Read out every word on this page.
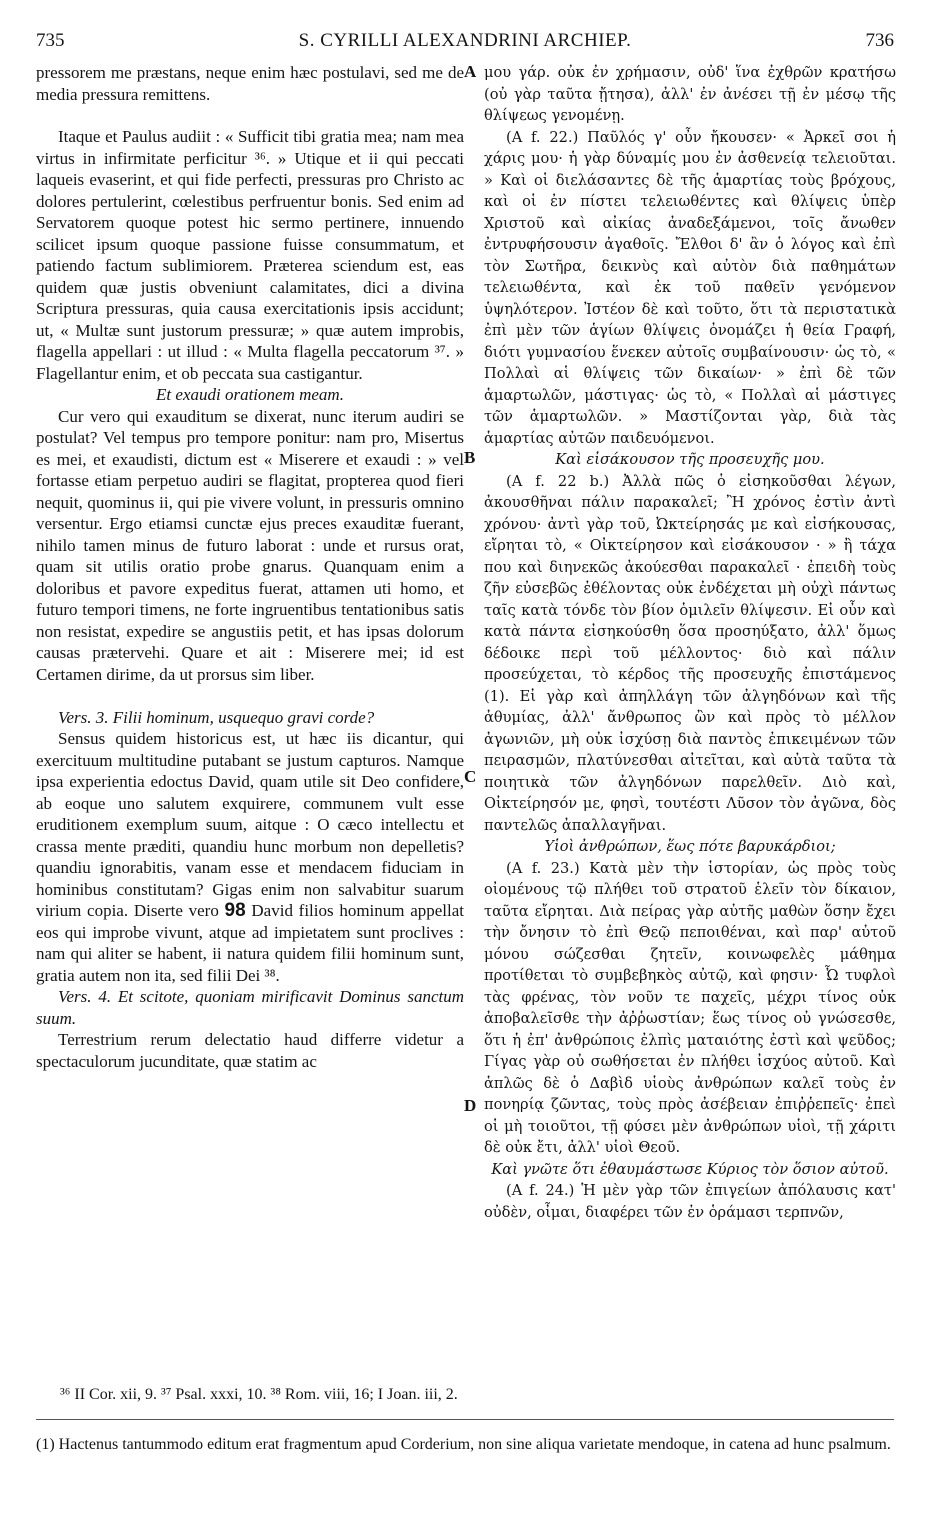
735	S. CYRILLI ALEXANDRINI ARCHIEP.	736

pressorem me præstans, neque enim hæc postulavi, sed me de media pressura remittens.

Itaque et Paulus audiit : « Sufficit tibi gratia mea; nam mea virtus in infirmitate perficitur ³⁶. » Utique et ii qui peccati laqueis evaserint, et qui fide perfecti, pressuras pro Christo ac dolores pertulerint, cœlestibus perfruentur bonis. Sed enim ad Servatorem quoque potest hic sermo pertinere, innuendo scilicet ipsum quoque passione fuisse consummatum, et patiendo factum sublimiorem. Præterea sciendum est, eas quidem quæ justis obveniunt calamitates, dici a divina Scriptura pressuras, quia causa exercitationis ipsis accidunt; ut, « Multæ sunt justorum pressuræ; » quæ autem improbis, flagella appellari : ut illud : « Multa flagella peccatorum ³⁷. » Flagellantur enim, et ob peccata sua castigantur.

Et exaudi orationem meam.

Cur vero qui exauditum se dixerat, nunc iterum audiri se postulat? Vel tempus pro tempore ponitur: nam pro, Misertus es mei, et exaudisti, dictum est « Miserere et exaudi : » vel fortasse etiam perpetuo audiri se flagitat, propterea quod fieri nequit, quominus ii, qui pie vivere volunt, in pressuris omnino versentur. Ergo etiamsi cunctæ ejus preces exauditæ fuerant, nihilo tamen minus de futuro laborat : unde et rursus orat, quam sit utilis oratio probe gnarus. Quanquam enim a doloribus et pavore expeditus fuerat, attamen uti homo, et futuro tempori timens, ne forte ingruentibus tentationibus satis non resistat, expedire se angustiis petit, et has ipsas dolorum causas prætervehi. Quare et ait : Miserere mei; id est Certamen dirime, da ut prorsus sim liber.

Vers. 3. Filii hominum, usquequo gravi corde?

Sensus quidem historicus est, ut hæc iis dicantur, qui exercituum multitudine putabant se justum capturos. Namque ipsa experientia edoctus David, quam utile sit Deo confidere, ab eoque uno salutem exquirere, communem vult esse eruditionem exemplum suum, aitque : O cæco intellectu et crassa mente præditi, quandiu hunc morbum non depelletis? quandiu ignorabitis, vanam esse et mendacem fiduciam in hominibus constitutam? Gigas enim non salvabitur suarum virium copia. Diserte vero 98 David filios hominum appellat eos qui improbe vivunt, atque ad impietatem sunt proclives : nam qui aliter se habent, ii natura quidem filii hominum sunt, gratia autem non ita, sed filii Dei ³⁸.

Vers. 4. Et scitote, quoniam mirificavit Dominus sanctum suum.

Terrestrium rerum delectatio haud differre videtur a spectaculorum jucunditate, quæ statim ac

A
B
C
D

μου γάρ. οὐκ ἐν χρήμασιν, οὐδ' ἵνα ἐχθρῶν κρατήσω (οὐ γὰρ ταῦτα ᾔτησα), ἀλλ' ἐν ἀνέσει τῇ ἐν μέσῳ τῆς θλίψεως γενομένῃ.

(A f. 22.) Παῦλός γ' οὖν ἤκουσεν· « Ἀρκεῖ σοι ἡ χάρις μου· ἡ γὰρ δύναμίς μου ἐν ἀσθενείᾳ τελειοῦται. » Καὶ οἱ διελάσαντες δὲ τῆς ἁμαρτίας τοὺς βρόχους, καὶ οἱ ἐν πίστει τελειωθέντες καὶ θλίψεις ὑπὲρ Χριστοῦ καὶ αἰκίας ἀναδεξάμενοι, τοῖς ἄνωθεν ἐντρυφήσουσιν ἀγαθοῖς. Ἔλθοι δ' ἂν ὁ λόγος καὶ ἐπὶ τὸν Σωτῆρα, δεικνὺς καὶ αὐτὸν διὰ παθημάτων τελειωθέντα, καὶ ἐκ τοῦ παθεῖν γενόμενον ὑψηλότερον. Ἰστέον δὲ καὶ τοῦτο, ὅτι τὰ περιστατικὰ ἐπὶ μὲν τῶν ἁγίων θλίψεις ὀνομάζει ἡ θεία Γραφή, διότι γυμνασίου ἕνεκεν αὐτοῖς συμβαίνουσιν· ὡς τὸ, « Πολλαὶ αἱ θλίψεις τῶν δικαίων· » ἐπὶ δὲ τῶν ἁμαρτωλῶν, μάστιγας· ὡς τὸ, « Πολλαὶ αἱ μάστιγες τῶν ἁμαρτωλῶν. » Μαστίζονται γὰρ, διὰ τὰς ἁμαρτίας αὐτῶν παιδευόμενοι.

Καὶ εἰσάκουσον τῆς προσευχῆς μου.

(A f. 22 b.) Ἀλλὰ πῶς ὁ εἰσηκοῦσθαι λέγων, ἀκουσθῆναι πάλιν παρακαλεῖ; Ἢ χρόνος ἐστὶν ἀντὶ χρόνου· ἀντὶ γὰρ τοῦ, Ὠκτείρησάς με καὶ εἰσήκουσας, εἴρηται τὸ, « Οἰκτείρησον καὶ εἰσάκουσον · » ἢ τάχα που καὶ διηνεκῶς ἀκούεσθαι παρακαλεῖ · ἐπειδὴ τοὺς ζῆν εὐσεβῶς ἐθέλοντας οὐκ ἐνδέχεται μὴ οὐχὶ πάντως ταῖς κατὰ τόνδε τὸν βίον ὁμιλεῖν θλίψεσιν. Εἰ οὖν καὶ κατὰ πάντα εἰσηκούσθη ὅσα προσηύξατο, ἀλλ' ὅμως δέδοικε περὶ τοῦ μέλλοντος· διὸ καὶ πάλιν προσεύχεται, τὸ κέρδος τῆς προσευχῆς ἐπιστάμενος (1). Εἰ γὰρ καὶ ἀπηλλάγη τῶν ἀλγηδόνων καὶ τῆς ἀθυμίας, ἀλλ' ἄνθρωπος ὢν καὶ πρὸς τὸ μέλλον ἀγωνιῶν, μὴ οὐκ ἰσχύσῃ διὰ παντὸς ἐπικειμένων τῶν πειρασμῶν, πλατύνεσθαι αἰτεῖται, καὶ αὐτὰ ταῦτα τὰ ποιητικὰ τῶν ἀλγηδόνων παρελθεῖν. Διὸ καὶ, Οἰκτείρησόν με, φησὶ, τουτέστι Λῦσον τὸν ἀγῶνα, δὸς παντελῶς ἀπαλλαγῆναι.

Υἱοὶ ἀνθρώπων, ἕως πότε βαρυκάρδιοι;

(A f. 23.) Κατὰ μὲν τὴν ἱστορίαν, ὡς πρὸς τοὺς οἰομένους τῷ πλήθει τοῦ στρατοῦ ἑλεῖν τὸν δίκαιον, ταῦτα εἴρηται. Διὰ πείρας γὰρ αὐτῆς μαθὼν ὅσην ἔχει τὴν ὄνησιν τὸ ἐπὶ Θεῷ πεποιθέναι, καὶ παρ' αὐτοῦ μόνου σώζεσθαι ζητεῖν, κοινωφελὲς μάθημα προτίθεται τὸ συμβεβηκὸς αὐτῷ, καὶ φησιν· Ὦ τυφλοὶ τὰς φρένας, τὸν νοῦν τε παχεῖς, μέχρι τίνος οὐκ ἀποβαλεῖσθε τὴν ἀῤῥωστίαν; ἕως τίνος οὐ γνώσεσθε, ὅτι ἡ ἐπ' ἀνθρώποις ἐλπὶς ματαιότης ἐστὶ καὶ ψεῦδος; Γίγας γὰρ οὐ σωθήσεται ἐν πλήθει ἰσχύος αὐτοῦ. Καὶ ἁπλῶς δὲ ὁ Δαβὶδ υἱοὺς ἀνθρώπων καλεῖ τοὺς ἐν πονηρίᾳ ζῶντας, τοὺς πρὸς ἀσέβειαν ἐπιῤῥεπεῖς· ἐπεὶ οἱ μὴ τοιοῦτοι, τῇ φύσει μὲν ἀνθρώπων υἱοὶ, τῇ χάριτι δὲ οὐκ ἔτι, ἀλλ' υἱοὶ Θεοῦ.

Καὶ γνῶτε ὅτι ἐθαυμάστωσε Κύριος τὸν ὅσιον αὐτοῦ.

(A f. 24.) Ἡ μὲν γὰρ τῶν ἐπιγείων ἀπόλαυσις κατ' οὐδὲν, οἶμαι, διαφέρει τῶν ἐν ὁράμασι τερπνῶν,

³⁶ II Cor. xii, 9. ³⁷ Psal. xxxi, 10. ³⁸ Rom. viii, 16; I Joan. iii, 2.
(1) Hactenus tantummodo editum erat fragmentum apud Corderium, non sine aliqua varietate mendoque, in catena ad hunc psalmum.
